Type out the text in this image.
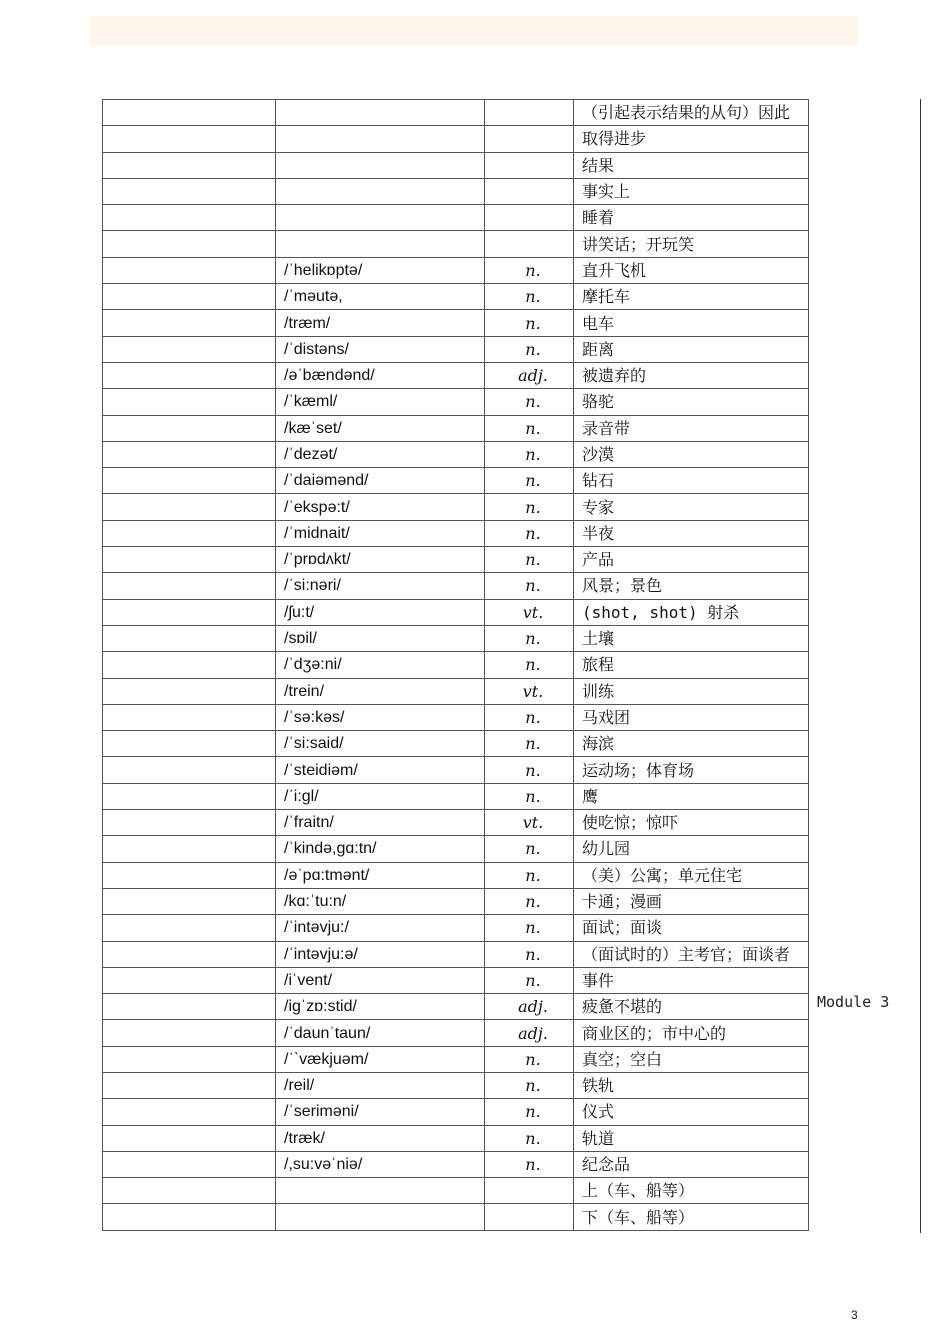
			（引起表示结果的从句）因此
			取得进步
			结果
			事实上
			睡着
			讲笑话；开玩笑
	/ˈhelikɒptə/	n.	直升飞机
	/ˈməutə,	n.	摩托车
	/træm/	n.	电车
	/ˈdistəns/	n.	距离
	/əˈbændənd/	adj.	被遗弃的
	/ˈkæml/	n.	骆驼
	/kæˈset/	n.	录音带
	/ˈdezət/	n.	沙漠
	/ˈdaiəmənd/	n.	钻石
	/ˈekspə:t/	n.	专家
	/ˈmidnait/	n.	半夜
	/ˈprɒdʌkt/	n.	产品
	/ˈsi:nəri/	n.	风景；景色
	/ʃu:t/	vt.	(shot, shot) 射杀
	/sɒil/	n.	土壤
	/ˈdʒə:ni/	n.	旅程
	/trein/	vt.	训练
	/ˈsə:kəs/	n.	马戏团
	/ˈsi:said/	n.	海滨
	/ˈsteidiəm/	n.	运动场；体育场
	/ˈi:gl/	n.	鹰
	/ˈfraitn/	vt.	使吃惊；惊吓
	/ˈkində,gɑ:tn/	n.	幼儿园
	/əˈpɑ:tmənt/	n.	（美）公寓；单元住宅
	/kɑ:ˈtu:n/	n.	卡通；漫画
	/ˈintəvju:/	n.	面试；面谈
	/ˈintəvju:ə/	n.	（面试时的）主考官；面谈者
	/iˈvent/	n.	事件
	/igˈzɒ:stid/	adj.	疲惫不堪的
	/ˈdaunˈtaun/	adj.	商业区的；市中心的
	/ˈˋvækjuəm/	n.	真空；空白
	/reil/	n.	铁轨
	/ˈseriməni/	n.	仪式
	/træk/	n.	轨道
	/,su:vəˈniə/	n.	纪念品
			上（车、船等）
			下（车、船等）
Module 3
3
